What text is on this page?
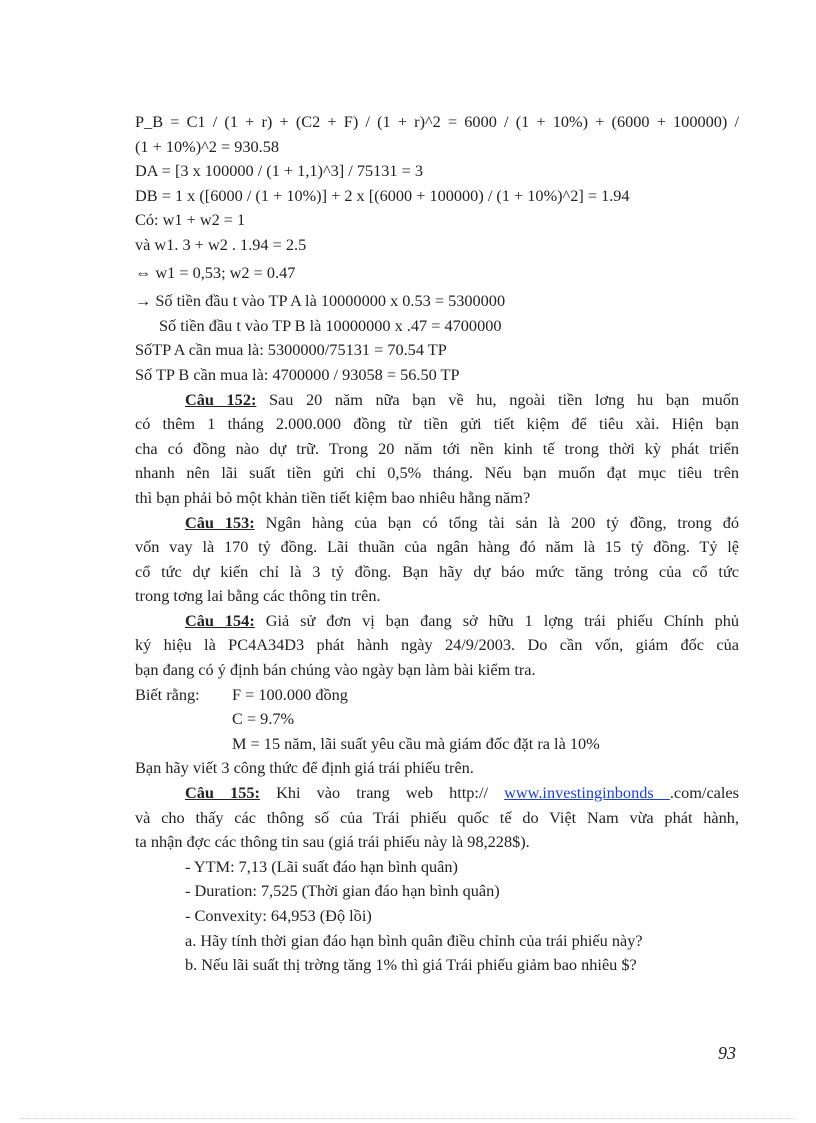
P_B = C1 / (1 + r) + (C2 + F) / (1 + r)^2 = 6000 / (1 + 10%) + (6000 + 100000) /
(1 + 10%)^2 = 930.58
DA = [3 x 100000 / (1 + 1,1)^3] / 75131 = 3
DB = 1 x ([6000 / (1 + 10%)] + 2 x [(6000 + 100000) / (1 + 10%)^2] = 1.94
Có: w1 + w2 = 1
và w1. 3 + w2 . 1.94 = 2.5
⇔ w1 = 0,53; w2 = 0.47
→ Số tiền đầu t vào TP A là 10000000 x 0.53 = 5300000
Số tiền đầu t vào TP B là 10000000 x .47 = 4700000
SốTP A cần mua là: 5300000/75131 = 70.54 TP
Số TP B cần mua là: 4700000 / 93058 = 56.50 TP
Câu 152: Sau 20 năm nữa bạn về hu, ngoài tiền lơng hu bạn muốn
có thêm 1 tháng 2.000.000 đồng từ tiền gửi tiết kiệm để tiêu xài. Hiện bạn
cha có đồng nào dự trữ. Trong 20 năm tới nền kinh tế trong thời kỳ phát triển
nhanh nên lãi suất tiền gửi chỉ 0,5% tháng. Nếu bạn muốn đạt mục tiêu trên
thì bạn phải bỏ một khản tiền tiết kiệm bao nhiêu hằng năm?
Câu 153: Ngân hàng của bạn có tổng tài sản là 200 tỷ đồng, trong đó
vốn vay là 170 tỷ đồng. Lãi thuần của ngân hàng đó năm là 15 tỷ đồng. Tỷ lệ
cổ tức dự kiến chỉ là 3 tỷ đồng. Bạn hãy dự báo mức tăng trỏng của cổ tức
trong tơng lai bằng các thông tin trên.
Câu 154: Giả sử đơn vị bạn đang sở hữu 1 lợng trái phiếu Chính phủ
ký hiệu là PC4A34D3 phát hành ngày 24/9/2003. Do cần vốn, giám đốc của
bạn đang có ý định bán chúng vào ngày bạn làm bài kiểm tra.
Biết rằng: F = 100.000 đồng
C = 9.7%
M = 15 năm, lãi suất yêu cầu mà giám đốc đặt ra là 10%
Bạn hãy viết 3 công thức để định giá trái phiếu trên.
Câu 155: Khi vào trang web http:// www.investinginbonds .com/cales
và cho thấy các thông số của Trái phiếu quốc tế do Việt Nam vừa phát hành,
ta nhận đợc các thông tin sau (giá trái phiếu này là 98,228$).
- YTM: 7,13 (Lãi suất đáo hạn bình quân)
- Duration: 7,525 (Thời gian đáo hạn bình quân)
- Convexity: 64,953 (Độ lồi)
a. Hãy tính thời gian đáo hạn bình quân điều chỉnh của trái phiếu này?
b. Nếu lãi suất thị trờng tăng 1% thì giá Trái phiếu giảm bao nhiêu $?
93
